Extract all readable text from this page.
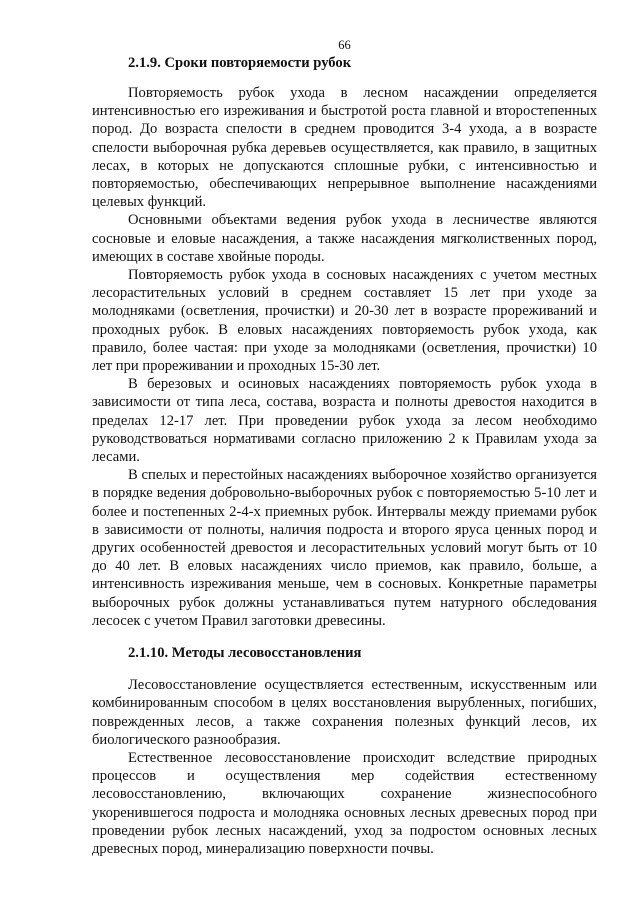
66
2.1.9. Сроки повторяемости рубок

Повторяемость рубок ухода в лесном насаждении определяется интенсивностью его изреживания и быстротой роста главной и второстепенных пород. До возраста спелости в среднем проводится 3-4 ухода, а в возрасте спелости выборочная рубка деревьев осуществляется, как правило, в защитных лесах, в которых не допускаются сплошные рубки, с интенсивностью и повторяемостью, обеспечивающих непрерывное выполнение насаждениями целевых функций.

Основными объектами ведения рубок ухода в лесничестве являются сосновые и еловые насаждения, а также насаждения мягколиственных пород, имеющих в составе хвойные породы.

Повторяемость рубок ухода в сосновых насаждениях с учетом местных лесорастительных условий в среднем составляет 15 лет при уходе за молодняками (осветления, прочистки) и 20-30 лет в возрасте прореживаний и проходных рубок. В еловых насаждениях повторяемость рубок ухода, как правило, более частая: при уходе за молодняками (осветления, прочистки) 10 лет при прореживании и проходных 15-30 лет.

В березовых и осиновых насаждениях повторяемость рубок ухода в зависимости от типа леса, состава, возраста и полноты древостоя находится в пределах 12-17 лет. При проведении рубок ухода за лесом необходимо руководствоваться нормативами согласно приложению 2 к Правилам ухода за лесами.

В спелых и перестойных насаждениях выборочное хозяйство организуется в порядке ведения добровольно-выборочных рубок с повторяемостью 5-10 лет и более и постепенных 2-4-х приемных рубок. Интервалы между приемами рубок в зависимости от полноты, наличия подроста и второго яруса ценных пород и других особенностей древостоя и лесорастительных условий могут быть от 10 до 40 лет. В еловых насаждениях число приемов, как правило, больше, а интенсивность изреживания меньше, чем в сосновых. Конкретные параметры выборочных рубок должны устанавливаться путем натурного обследования лесосек с учетом Правил заготовки древесины.

2.1.10. Методы лесовосстановления

Лесовосстановление осуществляется естественным, искусственным или комбинированным способом в целях восстановления вырубленных, погибших, поврежденных лесов, а также сохранения полезных функций лесов, их биологического разнообразия.

Естественное лесовосстановление происходит вследствие природных процессов и осуществления мер содействия естественному лесовосстановлению, включающих сохранение жизнеспособного укоренившегося подроста и молодняка основных лесных древесных пород при проведении рубок лесных насаждений, уход за подростом основных лесных древесных пород, минерализацию поверхности почвы.
